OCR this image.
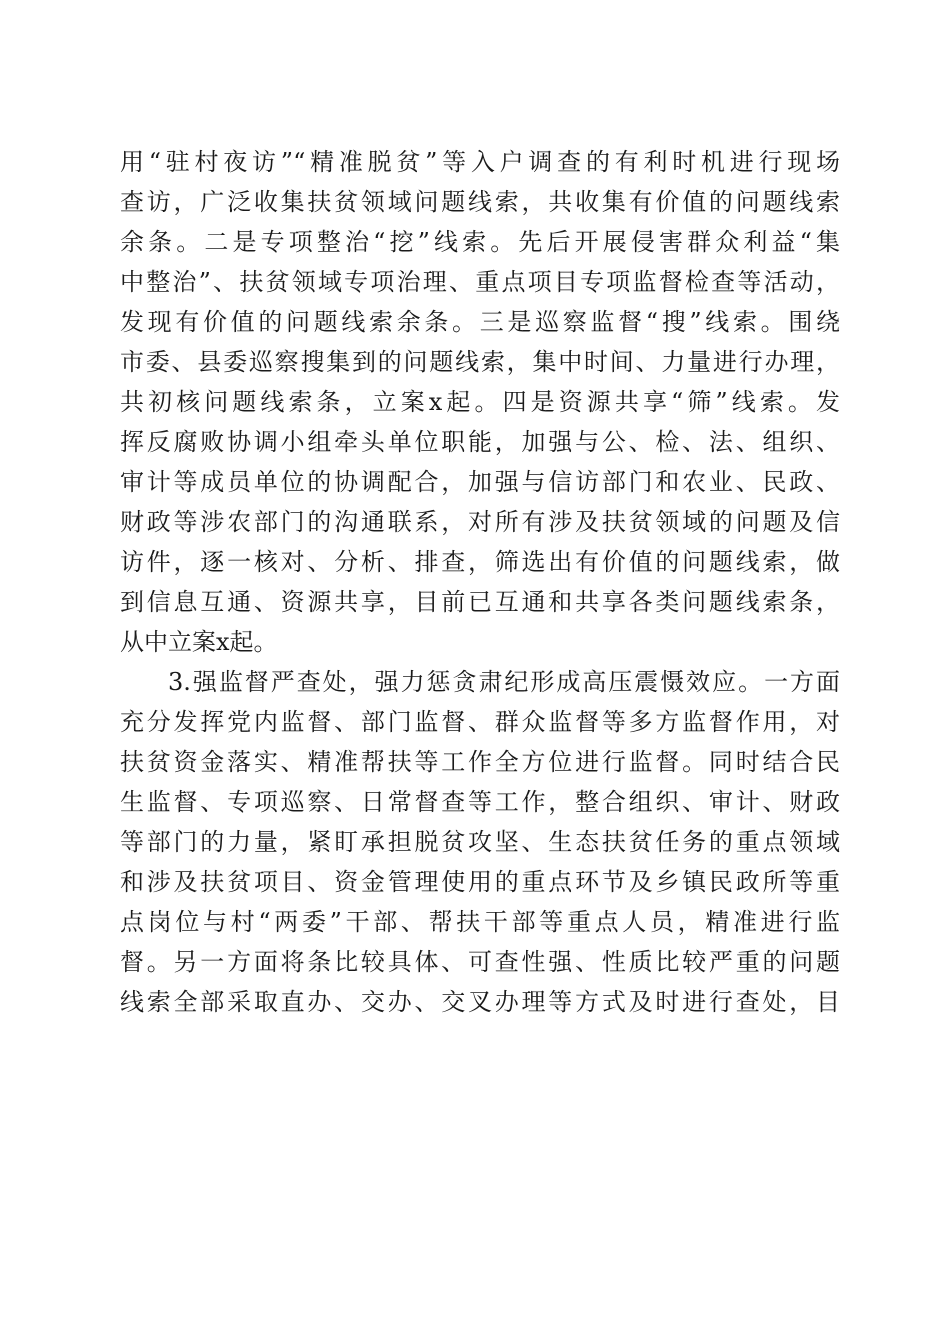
用“驻村夜访”“精准脱贫”等入户调查的有利时机进行现场
查访，广泛收集扶贫领域问题线索，共收集有价值的问题线索
余条。二是专项整治“挖”线索。先后开展侵害群众利益“集
中整治”、扶贫领域专项治理、重点项目专项监督检查等活动，
发现有价值的问题线索余条。三是巡察监督“搜”线索。围绕
市委、县委巡察搜集到的问题线索，集中时间、力量进行办理，
共初核问题线索条，立案x起。四是资源共享“筛”线索。发
挥反腐败协调小组牵头单位职能，加强与公、检、法、组织、
审计等成员单位的协调配合，加强与信访部门和农业、民政、
财政等涉农部门的沟通联系，对所有涉及扶贫领域的问题及信
访件，逐一核对、分析、排查，筛选出有价值的问题线索，做
到信息互通、资源共享，目前已互通和共享各类问题线索条，
从中立案x起。
3.强监督严查处，强力惩贪肃纪形成高压震慑效应。一方面
充分发挥党内监督、部门监督、群众监督等多方监督作用，对
扶贫资金落实、精准帮扶等工作全方位进行监督。同时结合民
生监督、专项巡察、日常督查等工作，整合组织、审计、财政
等部门的力量，紧盯承担脱贫攻坚、生态扶贫任务的重点领域
和涉及扶贫项目、资金管理使用的重点环节及乡镇民政所等重
点岗位与村“两委”干部、帮扶干部等重点人员，精准进行监
督。另一方面将条比较具体、可查性强、性质比较严重的问题
线索全部采取直办、交办、交叉办理等方式及时进行查处，目
